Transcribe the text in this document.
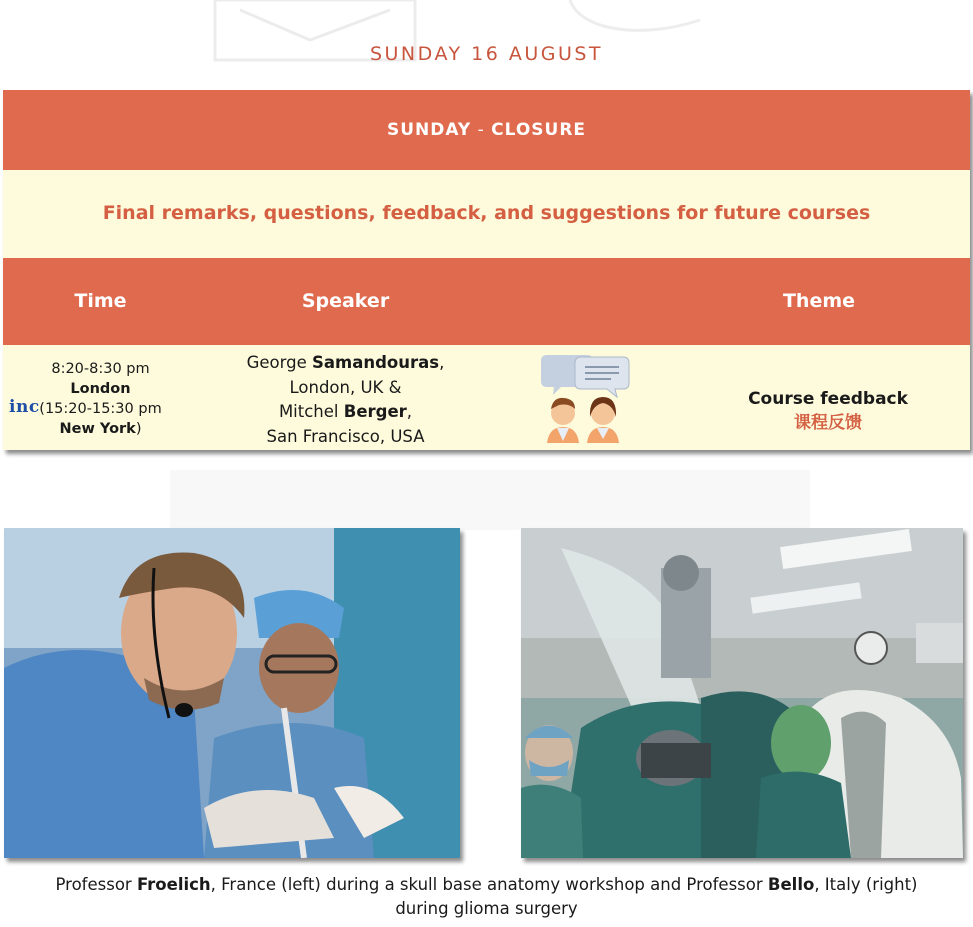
SUNDAY 16 AUGUST
SUNDAY - CLOSURE
Final remarks, questions, feedback, and suggestions for future courses
Time	Speaker	Theme
8:20-8:30 pm
London
(15:20-15:30 pm
New York)
inc
George Samandouras,
London, UK &
Mitchel Berger,
San Francisco, USA
Course feedback
课程反馈
Professor Froelich, France (left) during a skull base anatomy workshop and Professor Bello, Italy (right)
during glioma surgery
